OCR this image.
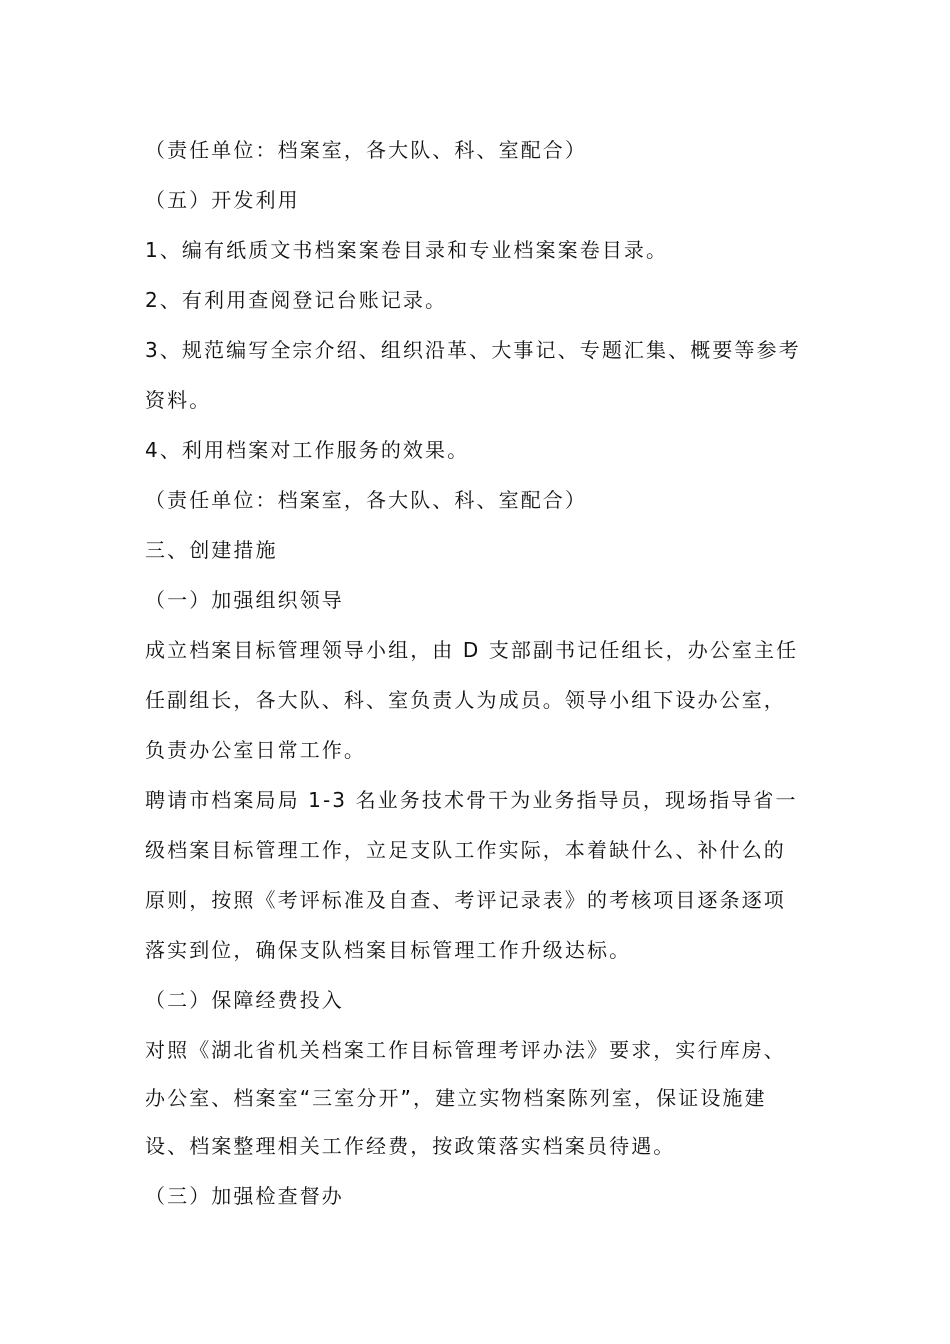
（责任单位：档案室，各大队、科、室配合）
（五）开发利用
1、编有纸质文书档案案卷目录和专业档案案卷目录。
2、有利用查阅登记台账记录。
3、规范编写全宗介绍、组织沿革、大事记、专题汇集、概要等参考
资料。
4、利用档案对工作服务的效果。
（责任单位：档案室，各大队、科、室配合）
三、创建措施
（一）加强组织领导
成立档案目标管理领导小组，由 D 支部副书记任组长，办公室主任
任副组长，各大队、科、室负责人为成员。领导小组下设办公室，
负责办公室日常工作。
聘请市档案局局 1-3 名业务技术骨干为业务指导员，现场指导省一
级档案目标管理工作，立足支队工作实际，本着缺什么、补什么的
原则，按照《考评标准及自查、考评记录表》的考核项目逐条逐项
落实到位，确保支队档案目标管理工作升级达标。
（二）保障经费投入
对照《湖北省机关档案工作目标管理考评办法》要求，实行库房、
办公室、档案室“三室分开”，建立实物档案陈列室，保证设施建
设、档案整理相关工作经费，按政策落实档案员待遇。
（三）加强检查督办
